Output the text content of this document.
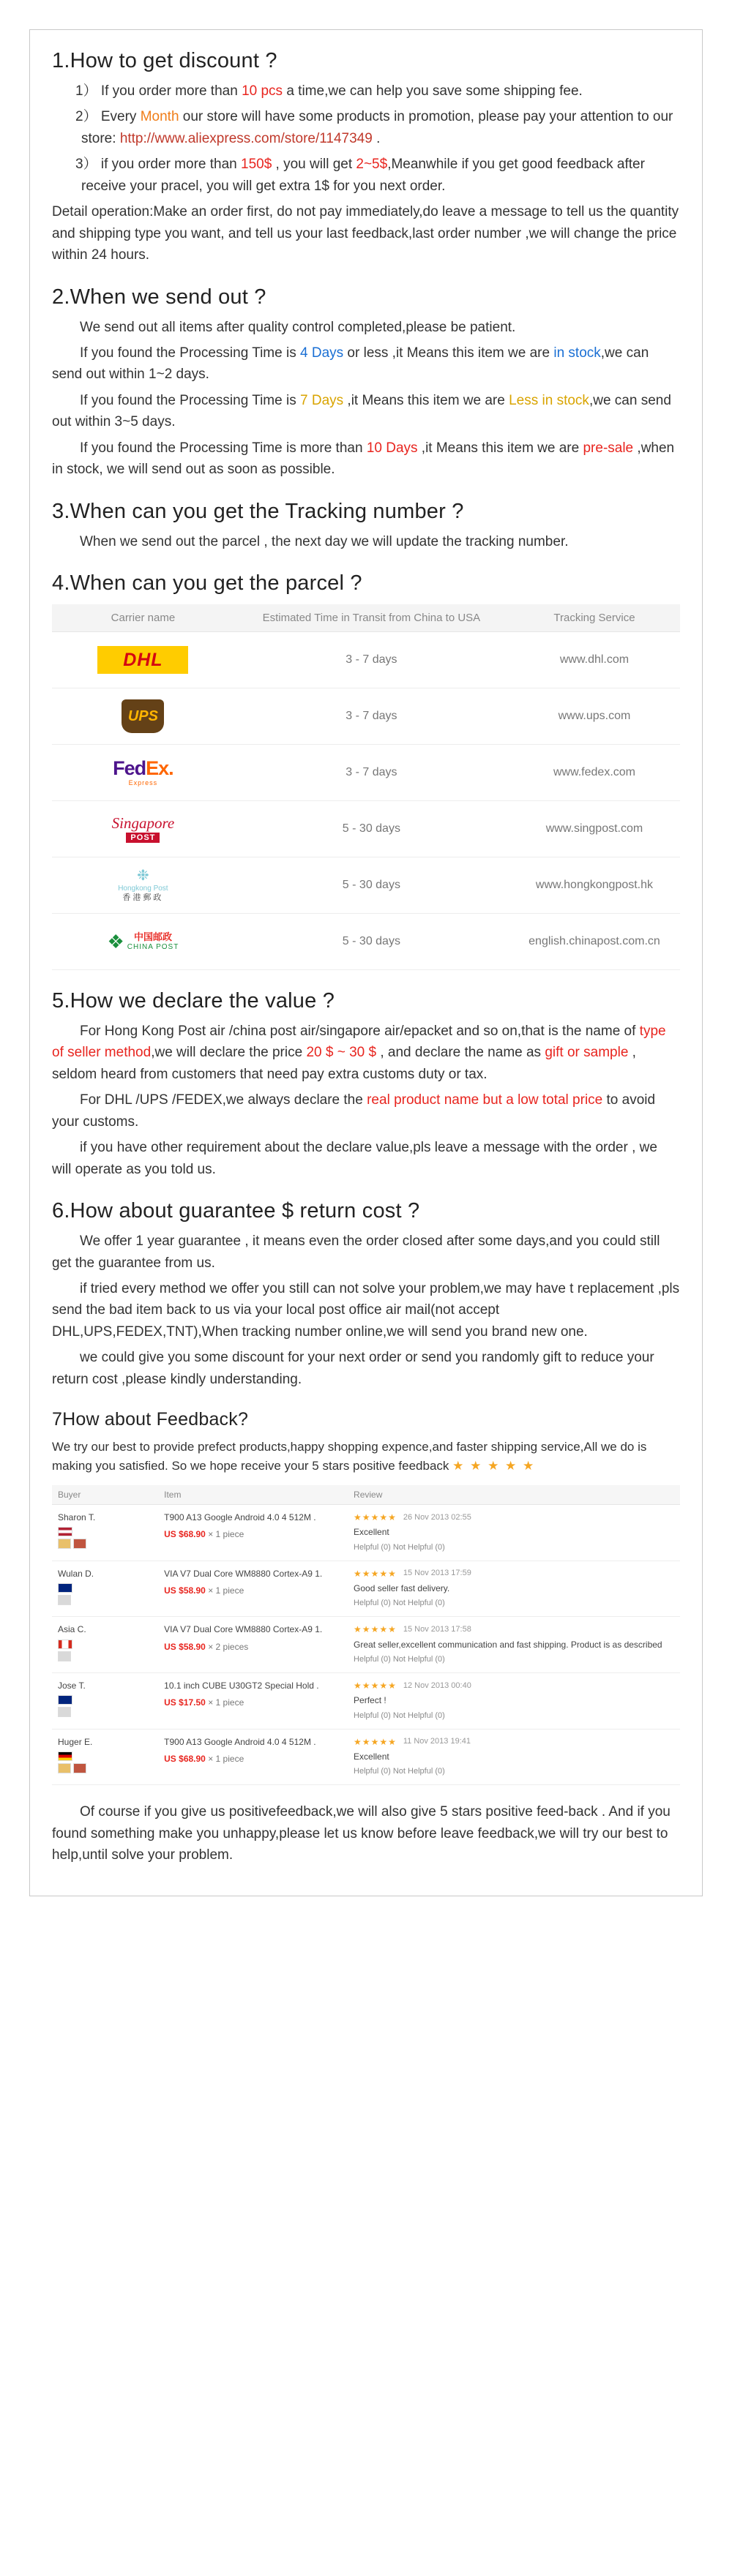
1.How to get discount ?

1） If you order more than 10 pcs a time,we can help you save some shipping fee.

2） Every Month our store will have some products in promotion, please pay your attention to our store: http://www.aliexpress.com/store/1147349 .

3） if you order more than 150$ , you will get 2~5$,Meanwhile if you get good feedback after receive your pracel, you will get extra 1$ for you next order.

Detail operation:Make an order first, do not pay immediately,do leave a message to tell us the quantity and shipping type you want, and tell us your last feedback,last order number ,we will change the price within 24 hours.

2.When we send out ?

We send out all items after quality control completed,please be patient.

If you found the Processing Time is 4 Days or less ,it Means this item we are in stock,we can send out within 1~2 days.

If you found the Processing Time is 7 Days ,it Means this item we are Less in stock,we can send out within 3~5 days.

If you found the Processing Time is more than 10 Days ,it Means this item we are pre-sale ,when in stock, we will send out as soon as possible.

3.When can you get the Tracking number ?

When we send out the parcel , the next day we will update the tracking number.

4.When can you get the parcel ?
Carrier name	Estimated Time in Transit from China to USA	Tracking Service

DHL	3 - 7 days	www.dhl.com

UPS	3 - 7 days	www.ups.com

FedEx.
Express	3 - 7 days	www.fedex.com

Singapore
POST	5 - 30 days	www.singpost.com

❉
Hongkong Post
香港郵政	5 - 30 days	www.hongkongpost.hk

❖ 中国邮政
CHINA POST	5 - 30 days	english.chinapost.com.cn
5.How we declare the value ?

For Hong Kong Post air /china post air/singapore air/epacket and so on,that is the name of type of seller method,we will declare the price 20 $ ~ 30 $ , and declare the name as gift or sample , seldom heard from customers that need pay extra customs duty or tax.

For DHL /UPS /FEDEX,we always declare the real product name but a low total price to avoid your customs.

if you have other requirement about the declare value,pls leave a message with the order , we will operate as you told us.

6.How about guarantee $ return cost ?

We offer 1 year guarantee , it means even the order closed after some days,and you could still get the guarantee from us.

if tried every method we offer you still can not solve your problem,we may have t replacement ,pls send the bad item back to us via your local post office air mail(not accept DHL,UPS,FEDEX,TNT),When tracking number online,we will send you brand new one.

we could give you some discount for your next order or send you randomly gift to reduce your return cost ,please kindly understanding.

7How about Feedback?

We try our best to provide prefect products,happy shopping expence,and faster shipping service,All we do is making you satisfied. So we hope receive your 5 stars positive feedback ★ ★ ★ ★ ★

Buyer	Item	Review

Sharon T.	T900 A13 Google Android 4.0 4 512M .
US $68.90 × 1 piece

★★★★★ 26 Nov 2013 02:55
Excellent
Helpful (0) Not Helpful (0)

Wulan D.	VIA V7 Dual Core WM8880 Cortex-A9 1.
US $58.90 × 1 piece

★★★★★ 15 Nov 2013 17:59
Good seller fast delivery.
Helpful (0) Not Helpful (0)

Asia C.	VIA V7 Dual Core WM8880 Cortex-A9 1.
US $58.90 × 2 pieces

★★★★★ 15 Nov 2013 17:58
Great seller,excellent communication and fast shipping. Product is as described
Helpful (0) Not Helpful (0)

Jose T.	10.1 inch CUBE U30GT2 Special Hold .
US $17.50 × 1 piece

★★★★★ 12 Nov 2013 00:40
Perfect !
Helpful (0) Not Helpful (0)

Huger E.	T900 A13 Google Android 4.0 4 512M .
US $68.90 × 1 piece

★★★★★ 11 Nov 2013 19:41
Excellent
Helpful (0) Not Helpful (0)

Of course if you give us positivefeedback,we will also give 5 stars positive feed-back . And if you found something make you unhappy,please let us know before leave feedback,we will try our best to help,until solve your problem.
